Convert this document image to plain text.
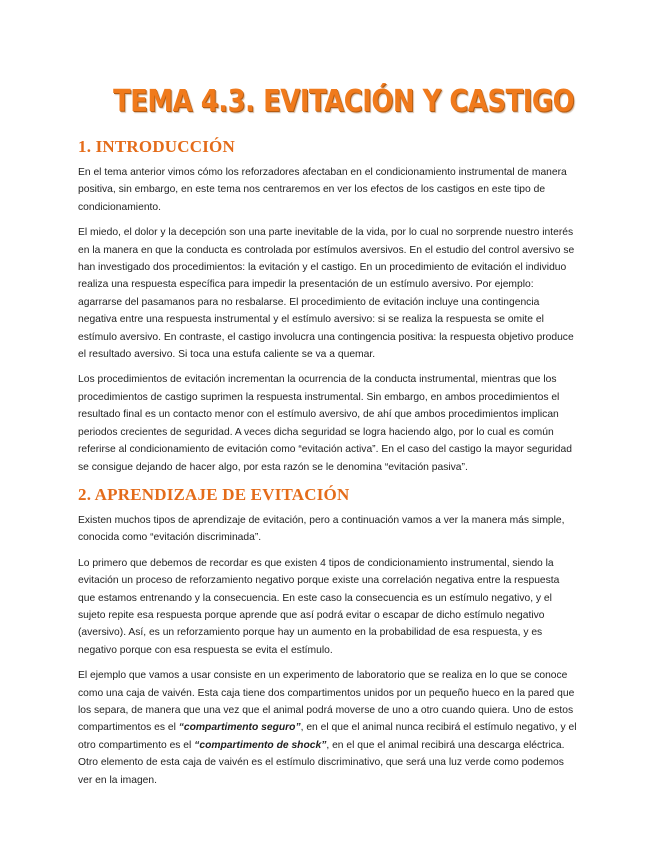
TEMA 4.3. EVITACIÓN Y CASTIGO
1. INTRODUCCIÓN

En el tema anterior vimos cómo los reforzadores afectaban en el condicionamiento instrumental de manera positiva, sin embargo, en este tema nos centraremos en ver los efectos de los castigos en este tipo de condicionamiento.

El miedo, el dolor y la decepción son una parte inevitable de la vida, por lo cual no sorprende nuestro interés en la manera en que la conducta es controlada por estímulos aversivos. En el estudio del control aversivo se han investigado dos procedimientos: la evitación y el castigo. En un procedimiento de evitación el individuo realiza una respuesta específica para impedir la presentación de un estímulo aversivo. Por ejemplo: agarrarse del pasamanos para no resbalarse. El procedimiento de evitación incluye una contingencia negativa entre una respuesta instrumental y el estímulo aversivo: si se realiza la respuesta se omite el estímulo aversivo. En contraste, el castigo involucra una contingencia positiva: la respuesta objetivo produce el resultado aversivo. Si toca una estufa caliente se va a quemar.

Los procedimientos de evitación incrementan la ocurrencia de la conducta instrumental, mientras que los procedimientos de castigo suprimen la respuesta instrumental. Sin embargo, en ambos procedimientos el resultado final es un contacto menor con el estímulo aversivo, de ahí que ambos procedimientos implican periodos crecientes de seguridad. A veces dicha seguridad se logra haciendo algo, por lo cual es común referirse al condicionamiento de evitación como “evitación activa”. En el caso del castigo la mayor seguridad se consigue dejando de hacer algo, por esta razón se le denomina “evitación pasiva”.

2. APRENDIZAJE DE EVITACIÓN

Existen muchos tipos de aprendizaje de evitación, pero a continuación vamos a ver la manera más simple, conocida como “evitación discriminada”.

Lo primero que debemos de recordar es que existen 4 tipos de condicionamiento instrumental, siendo la evitación un proceso de reforzamiento negativo porque existe una correlación negativa entre la respuesta que estamos entrenando y la consecuencia. En este caso la consecuencia es un estímulo negativo, y el sujeto repite esa respuesta porque aprende que así podrá evitar o escapar de dicho estímulo negativo (aversivo). Así, es un reforzamiento porque hay un aumento en la probabilidad de esa respuesta, y es negativo porque con esa respuesta se evita el estímulo.

El ejemplo que vamos a usar consiste en un experimento de laboratorio que se realiza en lo que se conoce como una caja de vaivén. Esta caja tiene dos compartimentos unidos por un pequeño hueco en la pared que los separa, de manera que una vez que el animal podrá moverse de uno a otro cuando quiera. Uno de estos compartimentos es el “compartimento seguro”, en el que el animal nunca recibirá el estímulo negativo, y el otro compartimento es el “compartimento de shock”, en el que el animal recibirá una descarga eléctrica. Otro elemento de esta caja de vaivén es el estímulo discriminativo, que será una luz verde como podemos ver en la imagen.
